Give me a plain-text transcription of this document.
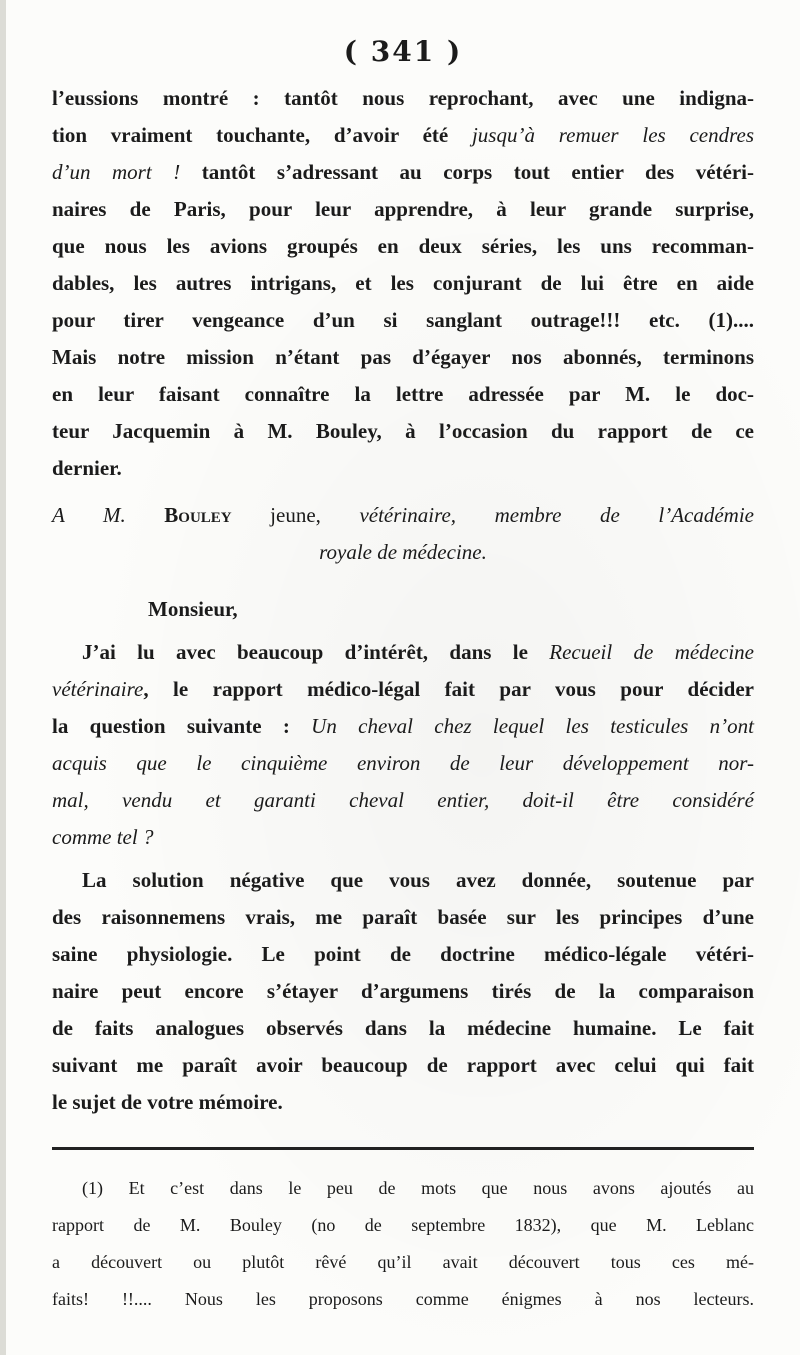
( 341 )
l’eussions montré : tantôt nous reprochant, avec une indigna-
tion vraiment touchante, d’avoir été jusqu’à remuer les cendres
d’un mort ! tantôt s’adressant au corps tout entier des vétéri-
naires de Paris, pour leur apprendre, à leur grande surprise,
que nous les avions groupés en deux séries, les uns recomman-
dables, les autres intrigans, et les conjurant de lui être en aide
pour tirer vengeance d’un si sanglant outrage!!! etc. (1)....
Mais notre mission n’étant pas d’égayer nos abonnés, terminons
en leur faisant connaître la lettre adressée par M. le doc-
teur Jacquemin à M. Bouley, à l’occasion du rapport de ce
dernier.
A M. Bouley jeune, vétérinaire, membre de l’Académie
royale de médecine.
Monsieur,
J’ai lu avec beaucoup d’intérêt, dans le Recueil de médecine
vétérinaire, le rapport médico-légal fait par vous pour décider
la question suivante : Un cheval chez lequel les testicules n’ont
acquis que le cinquième environ de leur développement nor-
mal, vendu et garanti cheval entier, doit-il être considéré
comme tel ?
La solution négative que vous avez donnée, soutenue par
des raisonnemens vrais, me paraît basée sur les principes d’une
saine physiologie. Le point de doctrine médico-légale vétéri-
naire peut encore s’étayer d’argumens tirés de la comparaison
de faits analogues observés dans la médecine humaine. Le fait
suivant me paraît avoir beaucoup de rapport avec celui qui fait
le sujet de votre mémoire.
(1) Et c’est dans le peu de mots que nous avons ajoutés au
rapport de M. Bouley (no de septembre 1832), que M. Leblanc
a découvert ou plutôt rêvé qu’il avait découvert tous ces mé-
faits! !!.... Nous les proposons comme énigmes à nos lecteurs.
